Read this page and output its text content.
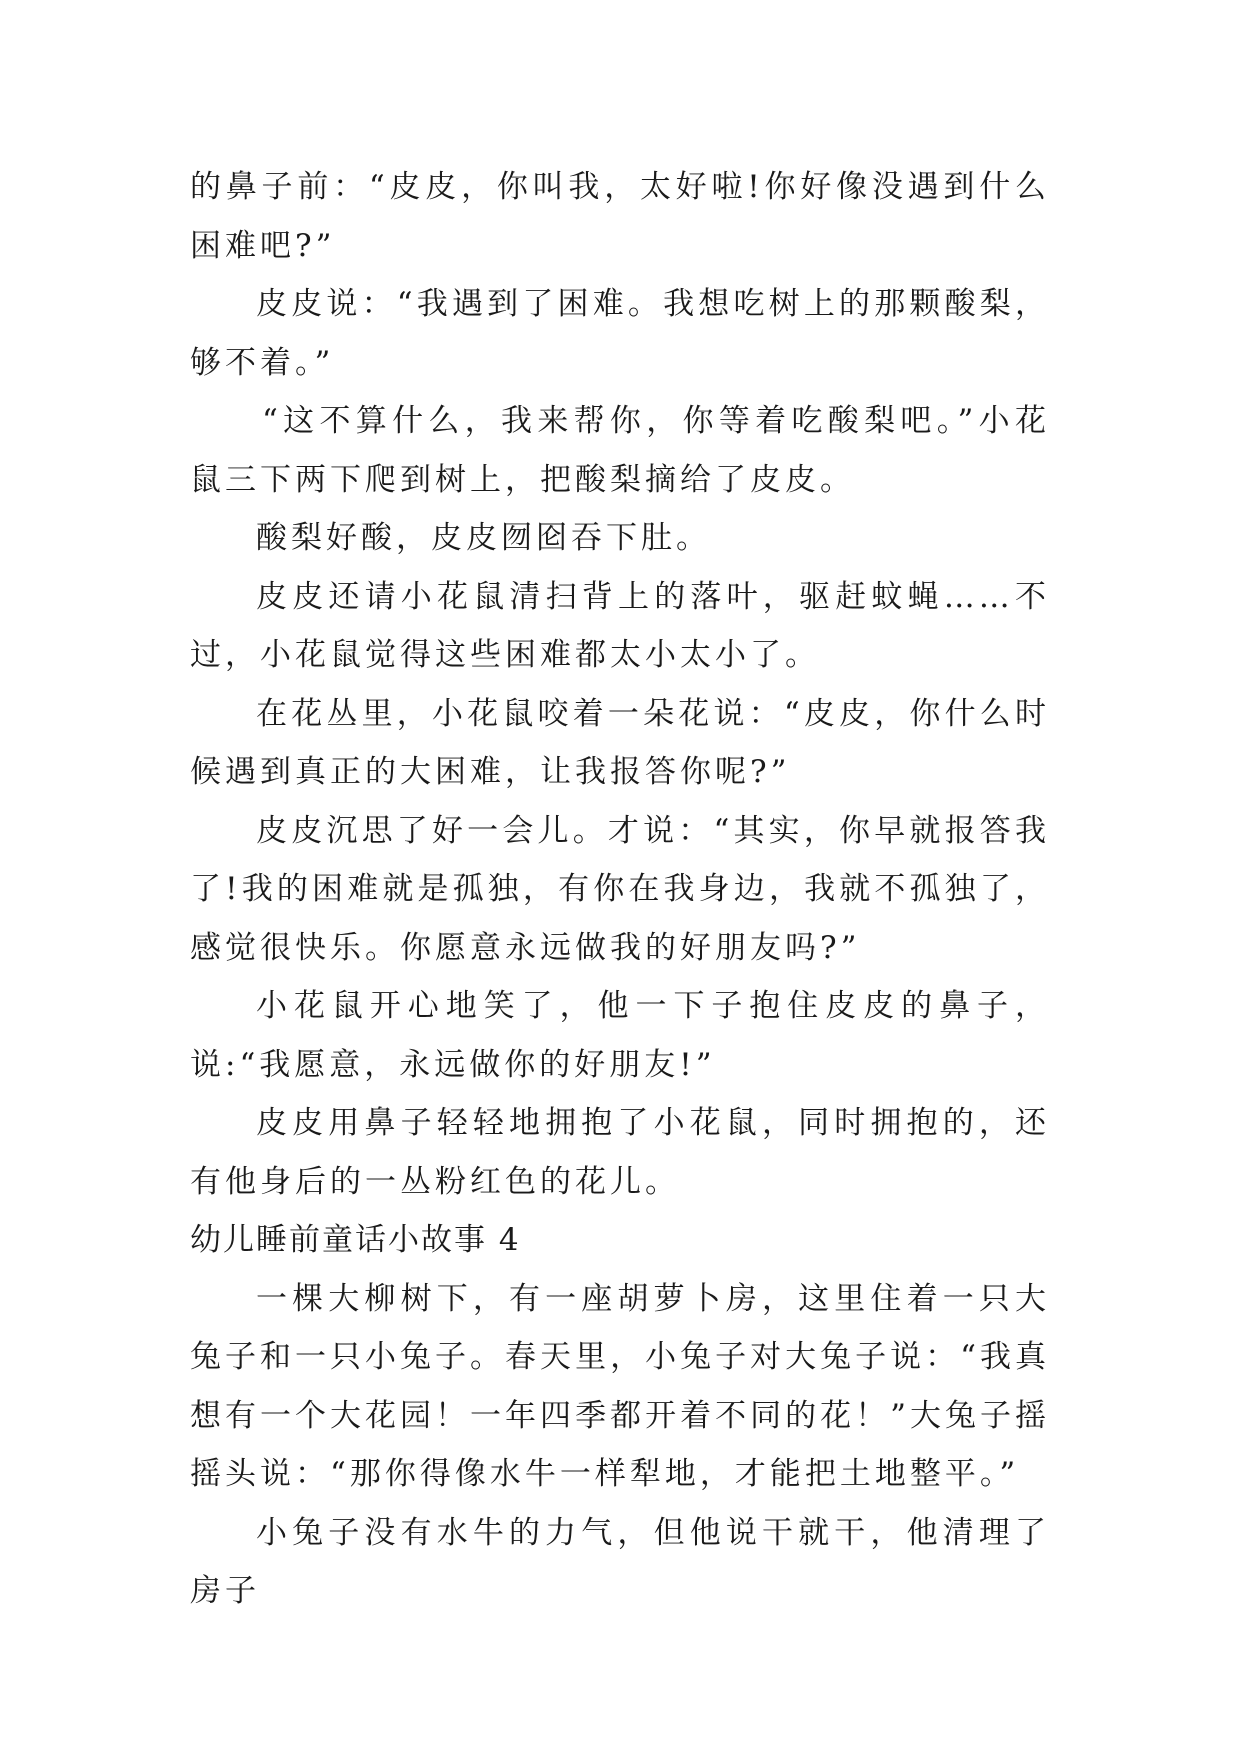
的鼻子前：“皮皮，你叫我，太好啦!你好像没遇到什么困难吧?”

皮皮说：“我遇到了困难。我想吃树上的那颗酸梨，够不着。”

“这不算什么，我来帮你，你等着吃酸梨吧。”小花鼠三下两下爬到树上，把酸梨摘给了皮皮。

酸梨好酸，皮皮囫囵吞下肚。

皮皮还请小花鼠清扫背上的落叶，驱赶蚊蝇……不过，小花鼠觉得这些困难都太小太小了。

在花丛里，小花鼠咬着一朵花说：“皮皮，你什么时候遇到真正的大困难，让我报答你呢?”

皮皮沉思了好一会儿。才说：“其实，你早就报答我了!我的困难就是孤独，有你在我身边，我就不孤独了，感觉很快乐。你愿意永远做我的好朋友吗?”

小花鼠开心地笑了，他一下子抱住皮皮的鼻子，说:“我愿意，永远做你的好朋友!”

皮皮用鼻子轻轻地拥抱了小花鼠，同时拥抱的，还有他身后的一丛粉红色的花儿。

幼儿睡前童话小故事 4

一棵大柳树下，有一座胡萝卜房，这里住着一只大兔子和一只小兔子。春天里，小兔子对大兔子说：“我真想有一个大花园！一年四季都开着不同的花！”大兔子摇摇头说：“那你得像水牛一样犁地，才能把土地整平。”

小兔子没有水牛的力气，但他说干就干，他清理了房子
